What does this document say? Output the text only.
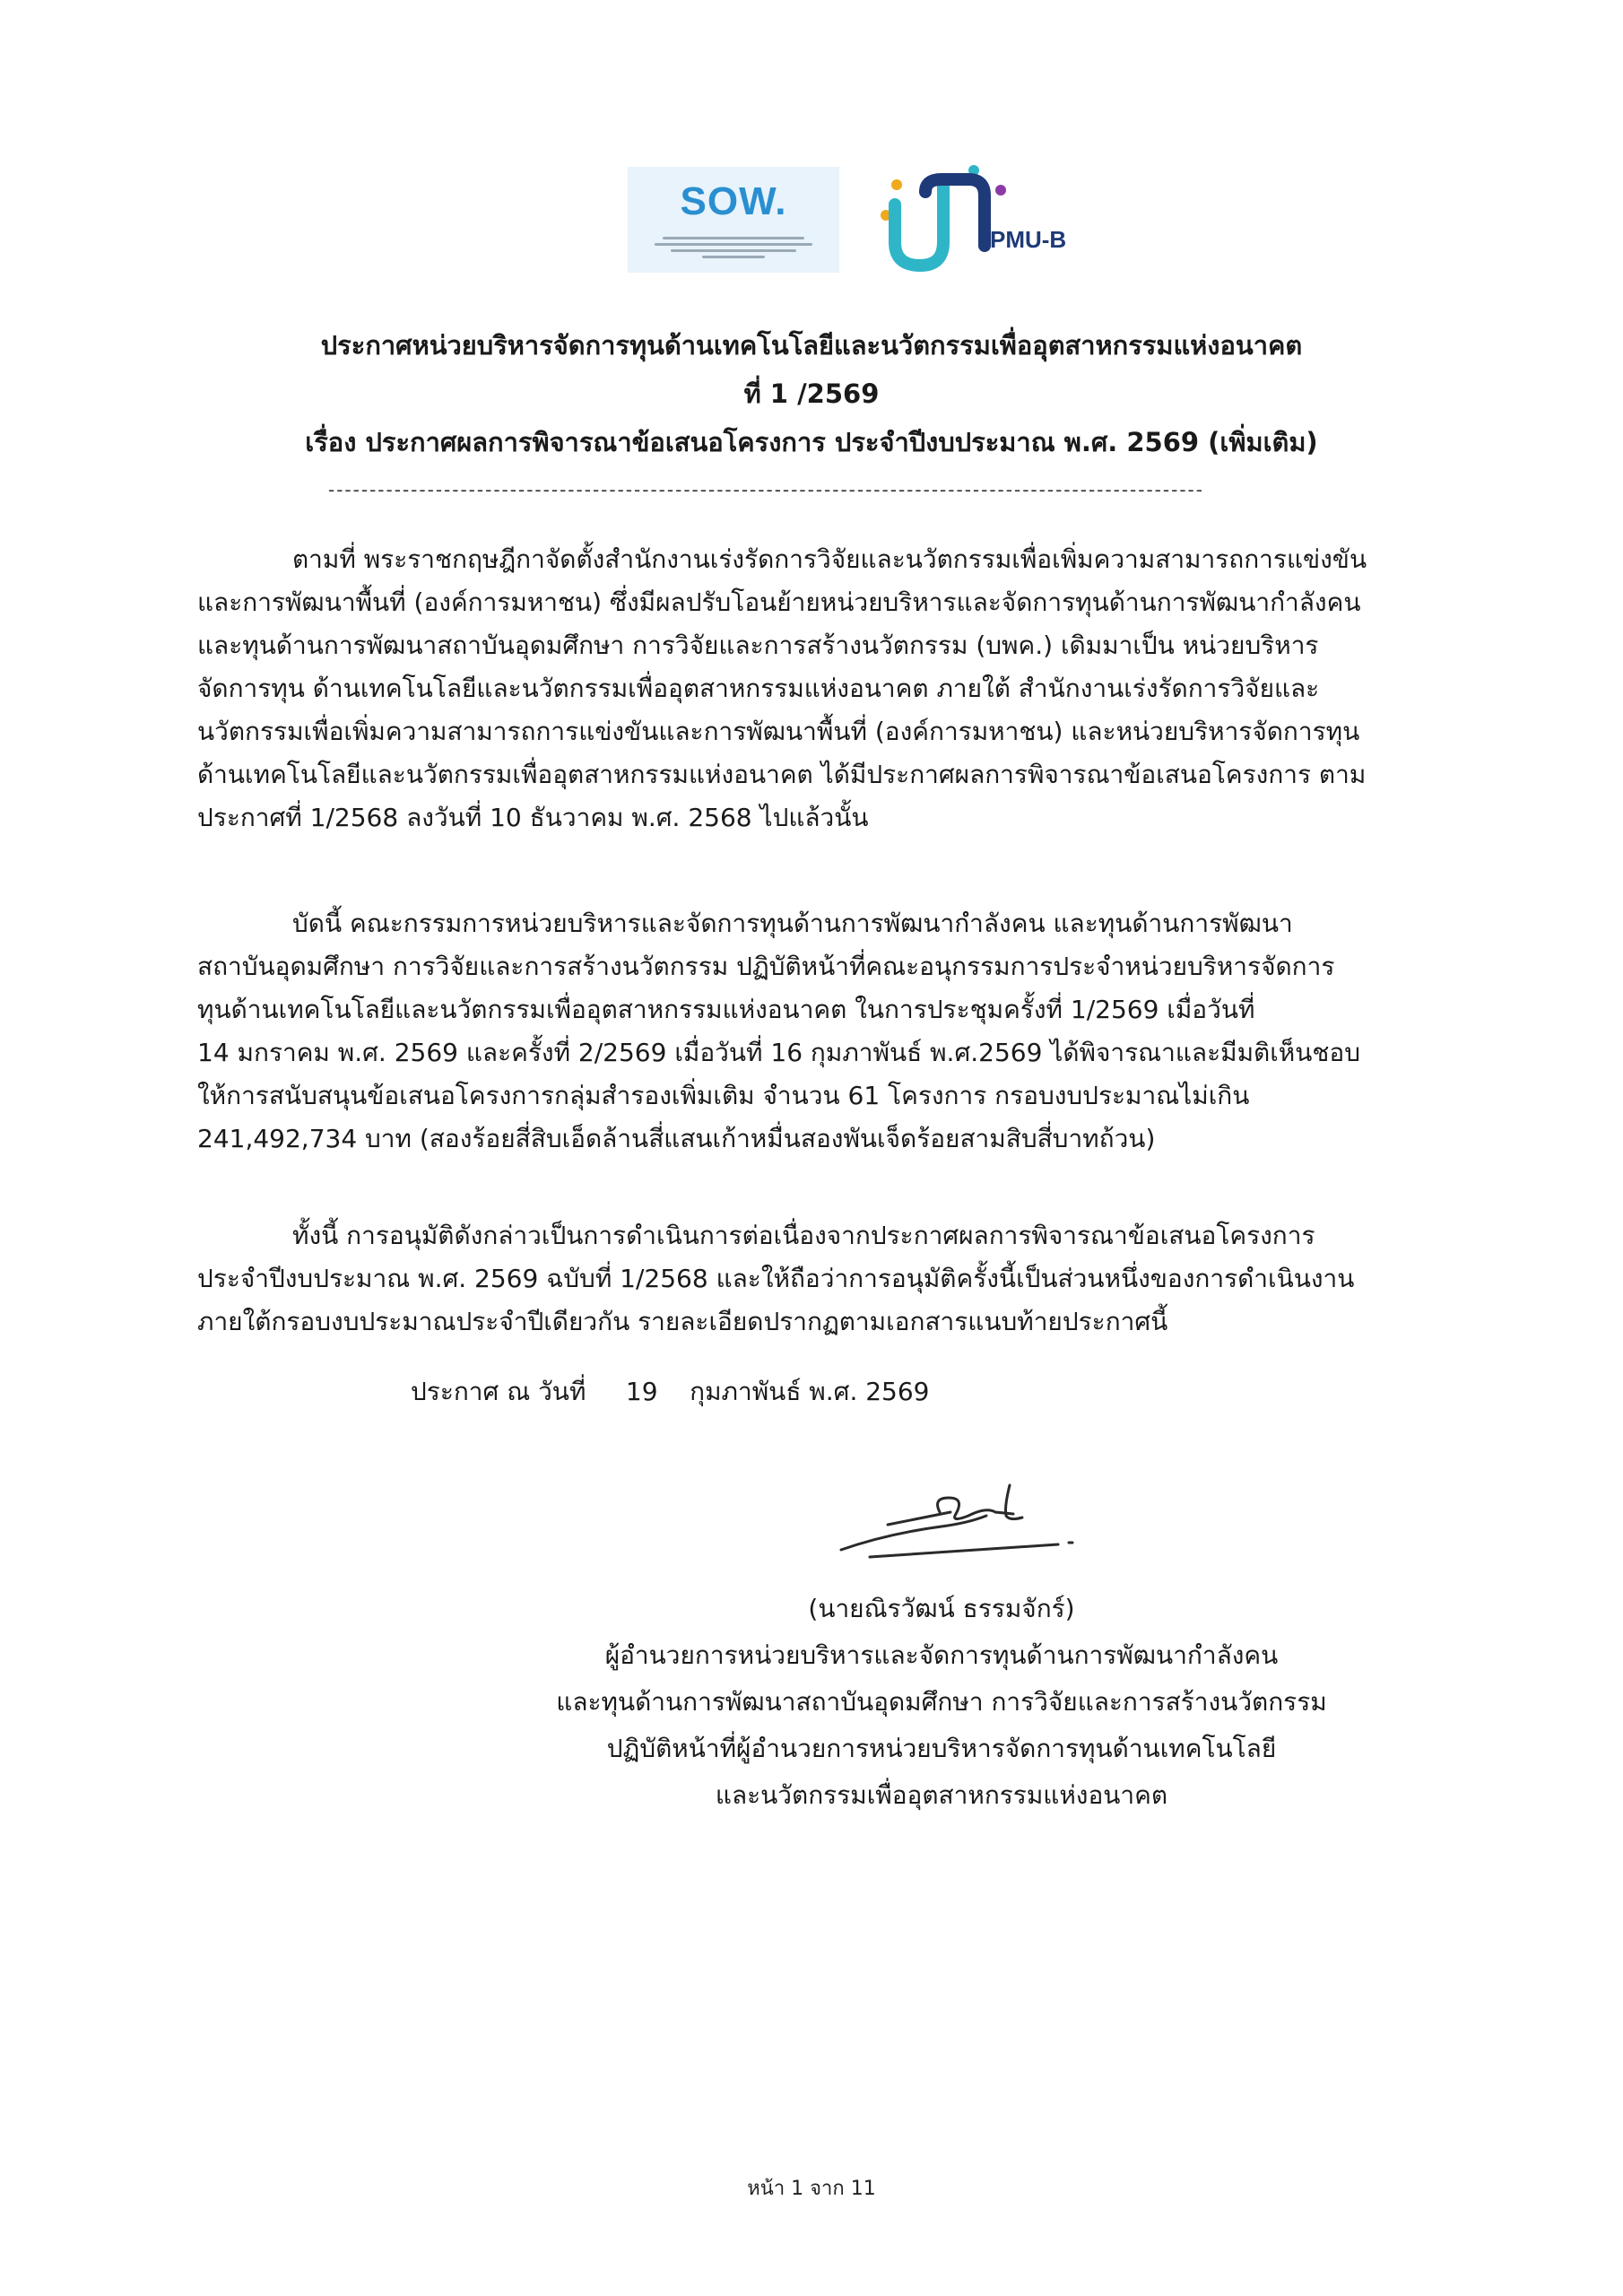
SOW.
PMU-B
ประกาศหน่วยบริหารจัดการทุนด้านเทคโนโลยีและนวัตกรรมเพื่ออุตสาหกรรมแห่งอนาคต
ที่ 1 /2569
เรื่อง ประกาศผลการพิจารณาข้อเสนอโครงการ ประจำปีงบประมาณ พ.ศ. 2569 (เพิ่มเติม)
----------------------------------------------------------------------------------------------------------
ตามที่ พระราชกฤษฎีกาจัดตั้งสำนักงานเร่งรัดการวิจัยและนวัตกรรมเพื่อเพิ่มความสามารถการแข่งขัน
และการพัฒนาพื้นที่ (องค์การมหาชน) ซึ่งมีผลปรับโอนย้ายหน่วยบริหารและจัดการทุนด้านการพัฒนากำลังคน
และทุนด้านการพัฒนาสถาบันอุดมศึกษา การวิจัยและการสร้างนวัตกรรม (บพค.) เดิมมาเป็น หน่วยบริหาร
จัดการทุน ด้านเทคโนโลยีและนวัตกรรมเพื่ออุตสาหกรรมแห่งอนาคต ภายใต้ สำนักงานเร่งรัดการวิจัยและ
นวัตกรรมเพื่อเพิ่มความสามารถการแข่งขันและการพัฒนาพื้นที่ (องค์การมหาชน) และหน่วยบริหารจัดการทุน
ด้านเทคโนโลยีและนวัตกรรมเพื่ออุตสาหกรรมแห่งอนาคต ได้มีประกาศผลการพิจารณาข้อเสนอโครงการ ตาม
ประกาศที่ 1/2568 ลงวันที่ 10 ธันวาคม พ.ศ. 2568 ไปแล้วนั้น
บัดนี้ คณะกรรมการหน่วยบริหารและจัดการทุนด้านการพัฒนากำลังคน และทุนด้านการพัฒนา
สถาบันอุดมศึกษา การวิจัยและการสร้างนวัตกรรม ปฏิบัติหน้าที่คณะอนุกรรมการประจำหน่วยบริหารจัดการ
ทุนด้านเทคโนโลยีและนวัตกรรมเพื่ออุตสาหกรรมแห่งอนาคต ในการประชุมครั้งที่ 1/2569 เมื่อวันที่
14 มกราคม พ.ศ. 2569 และครั้งที่ 2/2569 เมื่อวันที่ 16 กุมภาพันธ์ พ.ศ.2569 ได้พิจารณาและมีมติเห็นชอบ
ให้การสนับสนุนข้อเสนอโครงการกลุ่มสำรองเพิ่มเติม จำนวน 61 โครงการ กรอบงบประมาณไม่เกิน
241,492,734 บาท (สองร้อยสี่สิบเอ็ดล้านสี่แสนเก้าหมื่นสองพันเจ็ดร้อยสามสิบสี่บาทถ้วน)
ทั้งนี้ การอนุมัติดังกล่าวเป็นการดำเนินการต่อเนื่องจากประกาศผลการพิจารณาข้อเสนอโครงการ
ประจำปีงบประมาณ พ.ศ. 2569 ฉบับที่ 1/2568 และให้ถือว่าการอนุมัติครั้งนี้เป็นส่วนหนึ่งของการดำเนินงาน
ภายใต้กรอบงบประมาณประจำปีเดียวกัน รายละเอียดปรากฏตามเอกสารแนบท้ายประกาศนี้
ประกาศ ณ วันที่     19    กุมภาพันธ์ พ.ศ. 2569
(นายณิรวัฒน์ ธรรมจักร์)
ผู้อำนวยการหน่วยบริหารและจัดการทุนด้านการพัฒนากำลังคน
และทุนด้านการพัฒนาสถาบันอุดมศึกษา การวิจัยและการสร้างนวัตกรรม
ปฏิบัติหน้าที่ผู้อำนวยการหน่วยบริหารจัดการทุนด้านเทคโนโลยี
และนวัตกรรมเพื่ออุตสาหกรรมแห่งอนาคต
หน้า 1 จาก 11
